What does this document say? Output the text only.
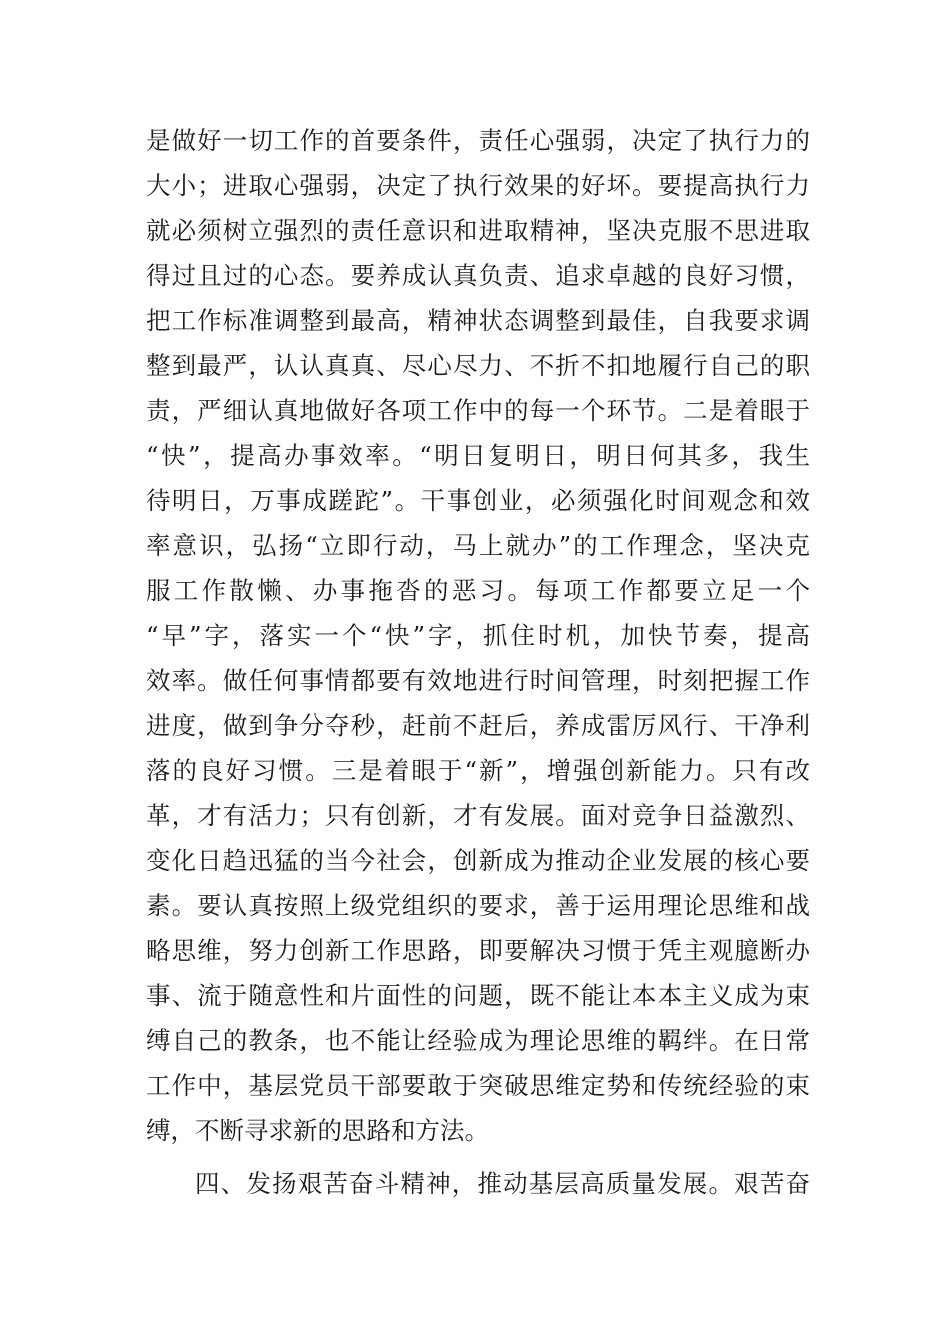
是做好一切工作的首要条件，责任心强弱，决定了执行力的
大小；进取心强弱，决定了执行效果的好坏。要提高执行力
就必须树立强烈的责任意识和进取精神，坚决克服不思进取
得过且过的心态。要养成认真负责、追求卓越的良好习惯，
把工作标准调整到最高，精神状态调整到最佳，自我要求调
整到最严，认认真真、尽心尽力、不折不扣地履行自己的职
责，严细认真地做好各项工作中的每一个环节。二是着眼于
“快”，提高办事效率。“明日复明日，明日何其多，我生
待明日，万事成蹉跎”。干事创业，必须强化时间观念和效
率意识，弘扬“立即行动，马上就办”的工作理念，坚决克
服工作散懒、办事拖沓的恶习。每项工作都要立足一个
“早”字，落实一个“快”字，抓住时机，加快节奏，提高
效率。做任何事情都要有效地进行时间管理，时刻把握工作
进度，做到争分夺秒，赶前不赶后，养成雷厉风行、干净利
落的良好习惯。三是着眼于“新”，增强创新能力。只有改
革，才有活力；只有创新，才有发展。面对竞争日益激烈、
变化日趋迅猛的当今社会，创新成为推动企业发展的核心要
素。要认真按照上级党组织的要求，善于运用理论思维和战
略思维，努力创新工作思路，即要解决习惯于凭主观臆断办
事、流于随意性和片面性的问题，既不能让本本主义成为束
缚自己的教条，也不能让经验成为理论思维的羁绊。在日常
工作中，基层党员干部要敢于突破思维定势和传统经验的束
缚，不断寻求新的思路和方法。
四、发扬艰苦奋斗精神，推动基层高质量发展。艰苦奋
